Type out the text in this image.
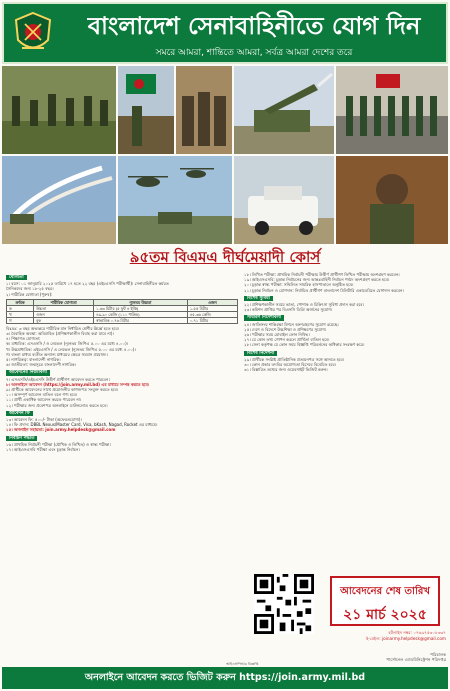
বাংলাদেশ সেনাবাহিনীতে যোগ দিন
সমরে আমরা, শান্তিতে আমরা, সর্বত্র আমরা দেশের তরে
৯৫তম বিএমএ দীর্ঘমেয়াদী কোর্স
যোগ্যতা
১। বয়স: ০১ জানুয়ারি ২০২৫ তারিখে ১৭ হতে ২২ বছর (এইচএসসি পরীক্ষার্থী)। সেনাবাহিনীতে কর্মরত
সৈনিকদের জন্য ১৮-২৫ বছর।
২। শারীরিক যোগ্যতা (পুরুষ):
ক্রমিক	শারীরিক যোগ্যতা	ন্যূনতম উচ্চতা	ওজন
ক	উচ্চতা	১.৬৩ মিটার (৫ ফুট ৪ ইঞ্চি)	১.৫৫ মিটার
খ	ওজন	৪৯.৯০ কেজি (১১০ পাউন্ড)	৪৫.৩৬ কেজি
গ	বুক	স্বাভাবিক ০.৭৬ মিটার	০.৭১ মিটার
বিঃদ্রঃ: ৩ বছর অভ্যন্তরে শারীরিক মান নির্ধারিত শ্রেণীর ঊর্ধ্বে হতে হবে।
৩। বৈবাহিক অবস্থা: অবিবাহিত (প্রশিক্ষণকালীন বিবাহ করা যাবে না)।
৪। শিক্ষাগত যোগ্যতা:
ক। মাধ্যমিক: এসএসসি / ও লেভেল (ন্যূনতম জিপিএ ৫.০০ এর মধ্যে ৪.০০)।
খ। উচ্চমাধ্যমিক: এইচএসসি / এ লেভেল (ন্যূনতম জিপিএ ৫.০০ এর মধ্যে ৪.০০)।
গ। বাংলা মাধ্যম ব্যতীত অন্যান্য মাধ্যমের ক্ষেত্রে সমমান প্রযোজ্য।
৫। নাগরিকত্ব: বাংলাদেশী নাগরিক।
৬। জাতীয়তা: জন্মসূত্রে বাংলাদেশী নাগরিক।
আবেদনের নিয়মাবলী
৭। এসএসসি/এইচএসসি উত্তীর্ণ প্রার্থীগণ আবেদন করতে পারবেন।
৮। অনলাইনে আবেদন (https://join.army.mil.bd) এর মাধ্যমে সম্পন্ন করতে হবে।
৯। প্রার্থীকে আবেদনের সাথে প্রয়োজনীয় কাগজপত্র সংযুক্ত করতে হবে।
১০। অসম্পূর্ণ আবেদন বাতিল বলে গণ্য হবে।
১১। প্রার্থী একাধিক আবেদন করতে পারবেন না।
১২। পরীক্ষার জন্য প্রবেশপত্র অনলাইনে ডাউনলোড করতে হবে।
আবেদন ফি
১৩। আবেদন ফি: ৫০০/- টাকা (অফেরতযোগ্য)।
১৪। ফি প্রদান: DBBL Nexus/Master Card, Visa, bKash, Nagad, Rocket এর মাধ্যমে।
১৫। অনলাইন সহায়তা: join.army.helpdesk@gmail.com
নির্বাচন পদ্ধতি
১৬। প্রাথমিক নির্বাচনী পরীক্ষা (মৌখিক ও লিখিত) ও স্বাস্থ্য পরীক্ষা।
১৭। আইএসএসবি পরীক্ষা এবং চূড়ান্ত নির্বাচন।
১৮। লিখিত পরীক্ষা: প্রাথমিক নির্বাচনী পরীক্ষায় উত্তীর্ণ প্রার্থীগণ লিখিত পরীক্ষায় অংশগ্রহণ করবেন।
১৯। আইএসএসবি: চূড়ান্ত নির্বাচনের জন্য আন্তঃবাহিনী নির্বাচন পর্ষদে অংশগ্রহণ করতে হবে।
২০। চূড়ান্ত স্বাস্থ্য পরীক্ষা: সম্মিলিত সামরিক হাসপাতালে অনুষ্ঠিত হবে।
২১। চূড়ান্ত নির্বাচন ও যোগদান: নির্বাচিত প্রার্থীগণ বাংলাদেশ মিলিটারি একাডেমিতে যোগদান করবেন।
বিশেষ সুবিধা
২২। প্রশিক্ষণকালীন সময়ে ভাতা, পোশাক ও চিকিৎসা সুবিধা প্রদান করা হবে।
২৩। কমিশন প্রাপ্তির পর বিএসসি ডিগ্রি অর্জনের সুযোগ।
সাধারণ নির্দেশাবলী
২৪। জাতিসংঘ শান্তিরক্ষা মিশনে অংশগ্রহণের সুযোগ রয়েছে।
২৫। দেশে ও বিদেশে উচ্চশিক্ষা ও প্রশিক্ষণের সুযোগ।
২৬। পরীক্ষার সময় মোবাইল ফোন নিষিদ্ধ।
২৭। যে কোন তথ্য গোপন করলে প্রার্থিতা বাতিল হবে।
২৮। সেনা কর্তৃপক্ষ যে কোন সময় বিজ্ঞপ্তি পরিবর্তনের অধিকার সংরক্ষণ করে।
বিশেষ নির্দেশনা
২৯। প্রার্থীকে সংশ্লিষ্ট প্রাতিষ্ঠানিক প্রত্যয়নপত্র সঙ্গে আনতে হবে।
৩০। কোন প্রকার তদবির অযোগ্যতা হিসেবে বিবেচিত হবে।
৩১। বিস্তারিত তথ্যের জন্য ওয়েবসাইট ভিজিট করুন।
আবেদনের শেষ তারিখ
২১ মার্চ ২০২৫
হটলাইন নম্বর: ০৭৬৯৭৫৩০৮৩৩৭
ই-মেইল: joinarmy.helpdesk@gmail.com
পরিচালক
পার্সোনেল এ্যাডমিনিস্ট্রেশন পরিদপ্তর
আইএসপিআর বিজ্ঞপ্তি
অনলাইনে আবেদন করতে ভিজিট করুন https://join.army.mil.bd
